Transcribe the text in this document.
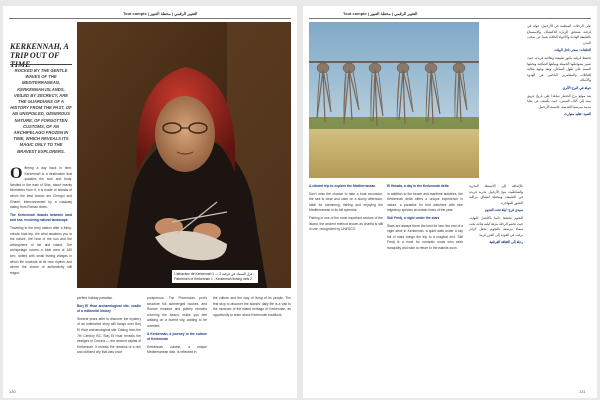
Tout compte | التغيير الرقمي | محطة العبور
KERKENNAH, A TRIP OUT OF
ROCKED BY THE GENTLE WAVES OF THE MEDITERRANEAN, KERKENNAH ISLANDS, VEILED BY SECRECY, ARE THE GUARDIANS OF A HISTORY FROM THE PAST, OF AN UNSPOILED, GENEROUS NATURE, OF FORGOTTEN CUSTOMS, OF AN ARCHIPELAGO FROZEN IN TIME, WHICH REVEALS ITS MAGIC ONLY TO THE BRAVEST EXPLORERS.

Offering a day back in time, Kerkennah is a destination that sustains the soul and body. Nestled in the east of Sfax, about twenty kilometers from it, it is made of islands of which the best known are Chergui and Gharbi, interconnected by a roadway dating from Roman times.

The Kerkennah islands between land and sea, revolving natural landscape.

Traveling to the ferry station after a thirty-minute boat trip, the wind awakens you to the nature, the heat of the sun and the atmosphere of the arid island. The archipelago covers a total area of 180 km², dotted with small fishing villages in which life unwinds at its own rhythm and where the charm of authenticity still reigns.

perfect holiday paradise.

Borj El Hsar archaeological site, cradle of a millennial history

Several years after to discover the mystery of an unfinished story still hangs over Borj El Hsar archaeological site. Dating from the 7th Century BC, Borj El Hsar reveals the vestiges of Cercina — the ancient capital of Kerkennah. It reveals the remains of a rich and civilized city that was once

prosperous. The Phoenician port's structure full submerged houses, and Roman mosaics and pottery remains covering the beach, make you feel walking on a buried city, waiting to be unveiled.

A Kerkennah, a journey to the culture of Kerkennah

Kerkennah cuisine, a unique Mediterranean dish, is reflected in

the culture and the way of living of its people. The first stop to discover the islands' daily life is a visit to the museum of the island heritage of Kerkennah, an opportunity to learn about Kerkennah traditions.

130
Tout compte | التغيير الرقمي | محطة العبور

A vibrant trip to explore the Mediterranean

Don't miss the chance to take a boat excursion, the sea is clear and calm on a sunny afternoon, ideal for swimming, fishing and enjoying the Mediterranean in its full splendor.

Fishing is one of the most important sectors of the island, the ancient method known as charfia is still in use, recognized by UNESCO.

El Hmada, a day in the Kerkennah delta

In addition to the beach and maritime activities, the Kerkennah delta offers a unique experience in nature, a paradise for bird watchers with rare migratory species at certain times of the year.

Sidi Fredj, a night under the stars

Stars are always there the best for last: the end of a night stroll in Kerkennah, a quiet walk under a sky full of stars brings the trip to a magical end. Sidi Fredj is a must for romantic souls who seek tranquility and wish to return to the islands soon.

بالإضافة إلى الأنشطة البحرية والشاطئية، يتيح الأرخبيل تجربة فريدة في الطبيعة، ومحطة لعشاق مراقبة الطيور المهاجرة.

سيدي فرج: ليلة تحت النجوم

النجوم تحتفظ دائما بالأفضل للنهاية، حيث تختتم الرحلة بنزهة ليلية هادئة تحت سماء مرصعة بالنجوم، تجعل الزائر يرغب في العودة إلى الجزر قريبا.

رحلة إلى الثقافة القرقنية

على الرحلات المنظمة في الأرخبيل، جولة في قرقنة تستحق الزيارة للاكتشاف والاستمتاع بالطبيعة الهادئة والأجواء الخلابة بعيدا عن صخب المدن.

الحلقات: سحر داخل الوقت

تحتفظ قرقنة بكنوز طبيعية وثقافية فريدة، حيث تتميز بشواطئها الجميلة ومياهها الصافية ونخيلها الممتد على طول الساحل، وتعد وجهة مثالية للعائلات والمغامرين الباحثين عن الهدوء والأصالة.

جولة في البرج الأثري

يعد موقع برج الحصار شاهدا على تاريخ عريق يمتد إلى آلاف السنين، حيث يكشف عن بقايا مدينة سرسينا القديمة، عاصمة الأرخبيل.

الصيد: تقليد متوارث

131
L'attraction de Kerkennah 1 — غزل السمك في قرقنة 2 ; Fishermen of Kerkennah 1 ; Kerkennah fishing nets 2
